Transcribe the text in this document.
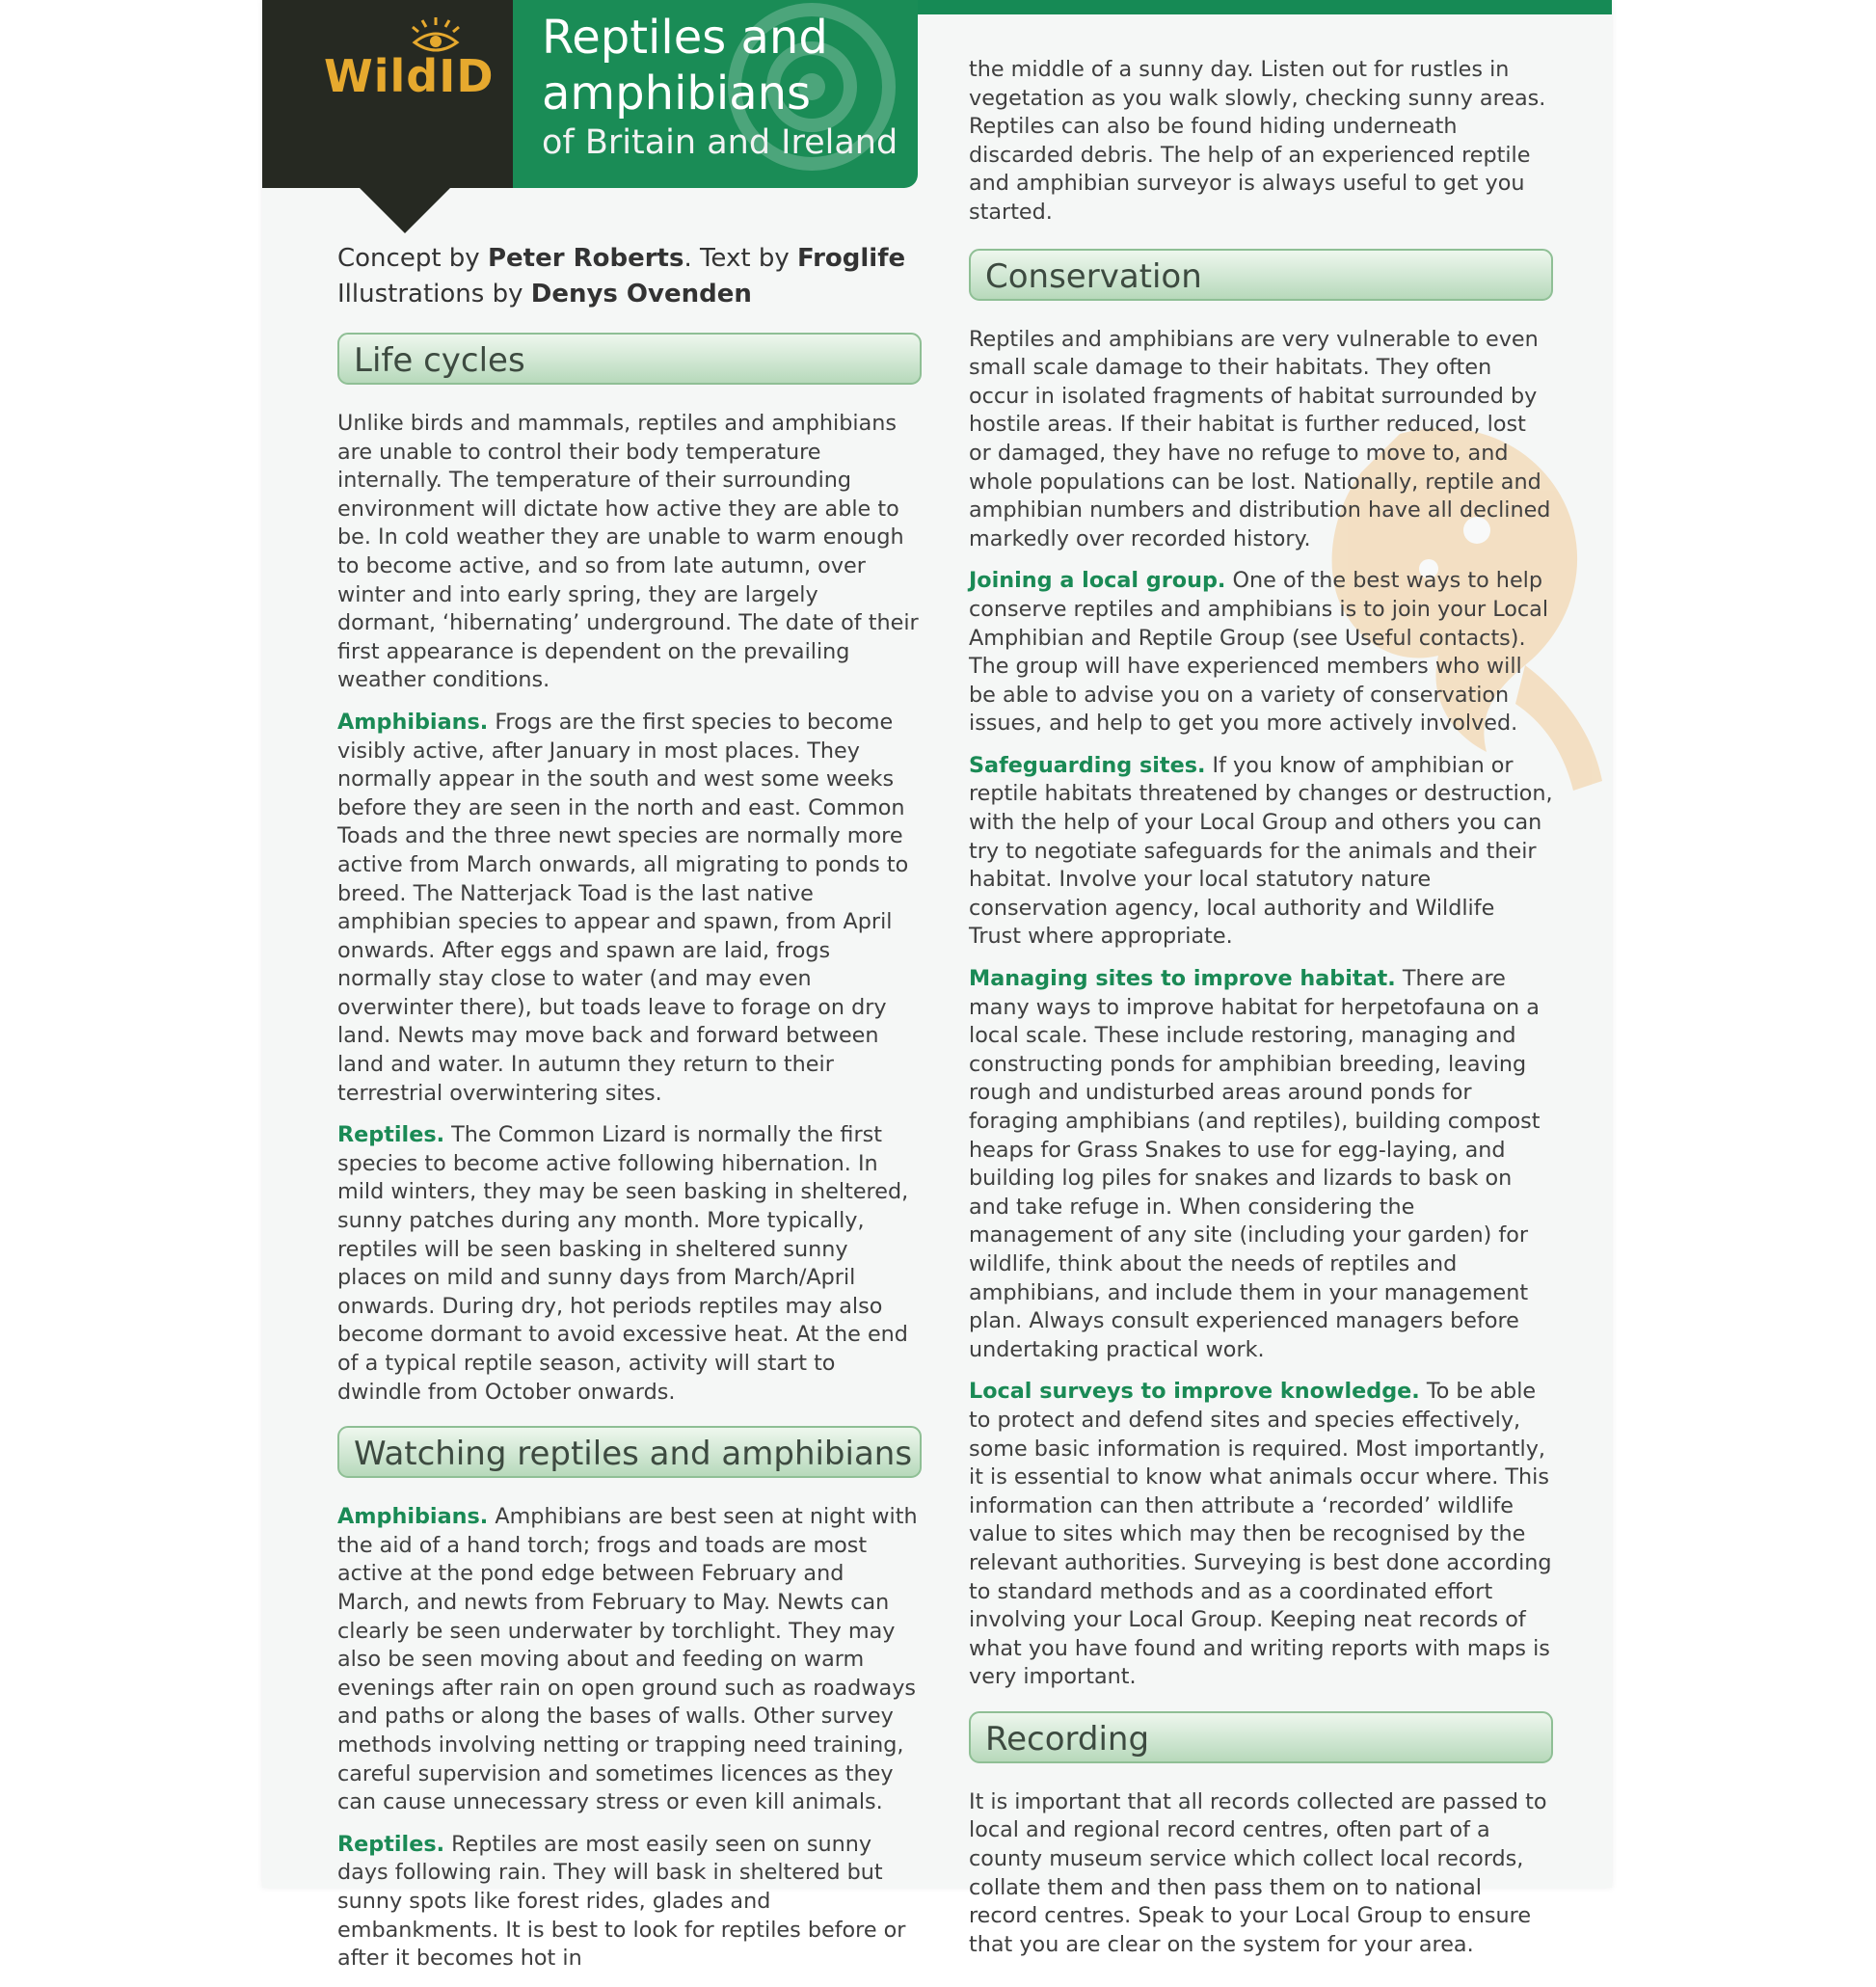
WildID
Reptiles and
amphibians
of Britain and Ireland
Concept by Peter Roberts. Text by Froglife
Illustrations by Denys Ovenden
Life cycles

Unlike birds and mammals, reptiles and amphibians are unable to control their body temperature internally. The temperature of their surrounding environment will dictate how active they are able to be. In cold weather they are unable to warm enough to become active, and so from late autumn, over winter and into early spring, they are largely dormant, ‘hibernating’ underground. The date of their first appearance is dependent on the prevailing weather conditions.

Amphibians. Frogs are the first species to become visibly active, after January in most places. They normally appear in the south and west some weeks before they are seen in the north and east. Common Toads and the three newt species are normally more active from March onwards, all migrating to ponds to breed. The Natterjack Toad is the last native amphibian species to appear and spawn, from April onwards. After eggs and spawn are laid, frogs normally stay close to water (and may even overwinter there), but toads leave to forage on dry land. Newts may move back and forward between land and water. In autumn they return to their terrestrial overwintering sites.

Reptiles. The Common Lizard is normally the first species to become active following hibernation. In mild winters, they may be seen basking in sheltered, sunny patches during any month. More typically, reptiles will be seen basking in sheltered sunny places on mild and sunny days from March/April onwards. During dry, hot periods reptiles may also become dormant to avoid excessive heat. At the end of a typical reptile season, activity will start to dwindle from October onwards.

Watching reptiles and amphibians

Amphibians. Amphibians are best seen at night with the aid of a hand torch; frogs and toads are most active at the pond edge between February and March, and newts from February to May. Newts can clearly be seen underwater by torchlight. They may also be seen moving about and feeding on warm evenings after rain on open ground such as roadways and paths or along the bases of walls. Other survey methods involving netting or trapping need training, careful supervision and sometimes licences as they can cause unnecessary stress or even kill animals.

Reptiles. Reptiles are most easily seen on sunny days following rain. They will bask in sheltered but sunny spots like forest rides, glades and embankments. It is best to look for reptiles before or after it becomes hot in

the middle of a sunny day. Listen out for rustles in vegetation as you walk slowly, checking sunny areas. Reptiles can also be found hiding underneath discarded debris. The help of an experienced reptile and amphibian surveyor is always useful to get you started.

Conservation

Reptiles and amphibians are very vulnerable to even small scale damage to their habitats. They often occur in isolated fragments of habitat surrounded by hostile areas. If their habitat is further reduced, lost or damaged, they have no refuge to move to, and whole populations can be lost. Nationally, reptile and amphibian numbers and distribution have all declined markedly over recorded history.

Joining a local group. One of the best ways to help conserve reptiles and amphibians is to join your Local Amphibian and Reptile Group (see Useful contacts). The group will have experienced members who will be able to advise you on a variety of conservation issues, and help to get you more actively involved.

Safeguarding sites. If you know of amphibian or reptile habitats threatened by changes or destruction, with the help of your Local Group and others you can try to negotiate safeguards for the animals and their habitat. Involve your local statutory nature conservation agency, local authority and Wildlife Trust where appropriate.

Managing sites to improve habitat. There are many ways to improve habitat for herpetofauna on a local scale. These include restoring, managing and constructing ponds for amphibian breeding, leaving rough and undisturbed areas around ponds for foraging amphibians (and reptiles), building compost heaps for Grass Snakes to use for egg-laying, and building log piles for snakes and lizards to bask on and take refuge in. When considering the management of any site (including your garden) for wildlife, think about the needs of reptiles and amphibians, and include them in your management plan. Always consult experienced managers before undertaking practical work.

Local surveys to improve knowledge. To be able to protect and defend sites and species effectively, some basic information is required. Most importantly, it is essential to know what animals occur where. This information can then attribute a ‘recorded’ wildlife value to sites which may then be recognised by the relevant authorities. Surveying is best done according to standard methods and as a coordinated effort involving your Local Group. Keeping neat records of what you have found and writing reports with maps is very important.

Recording

It is important that all records collected are passed to local and regional record centres, often part of a county museum service which collect local records, collate them and then pass them on to national record centres. Speak to your Local Group to ensure that you are clear on the system for your area.
